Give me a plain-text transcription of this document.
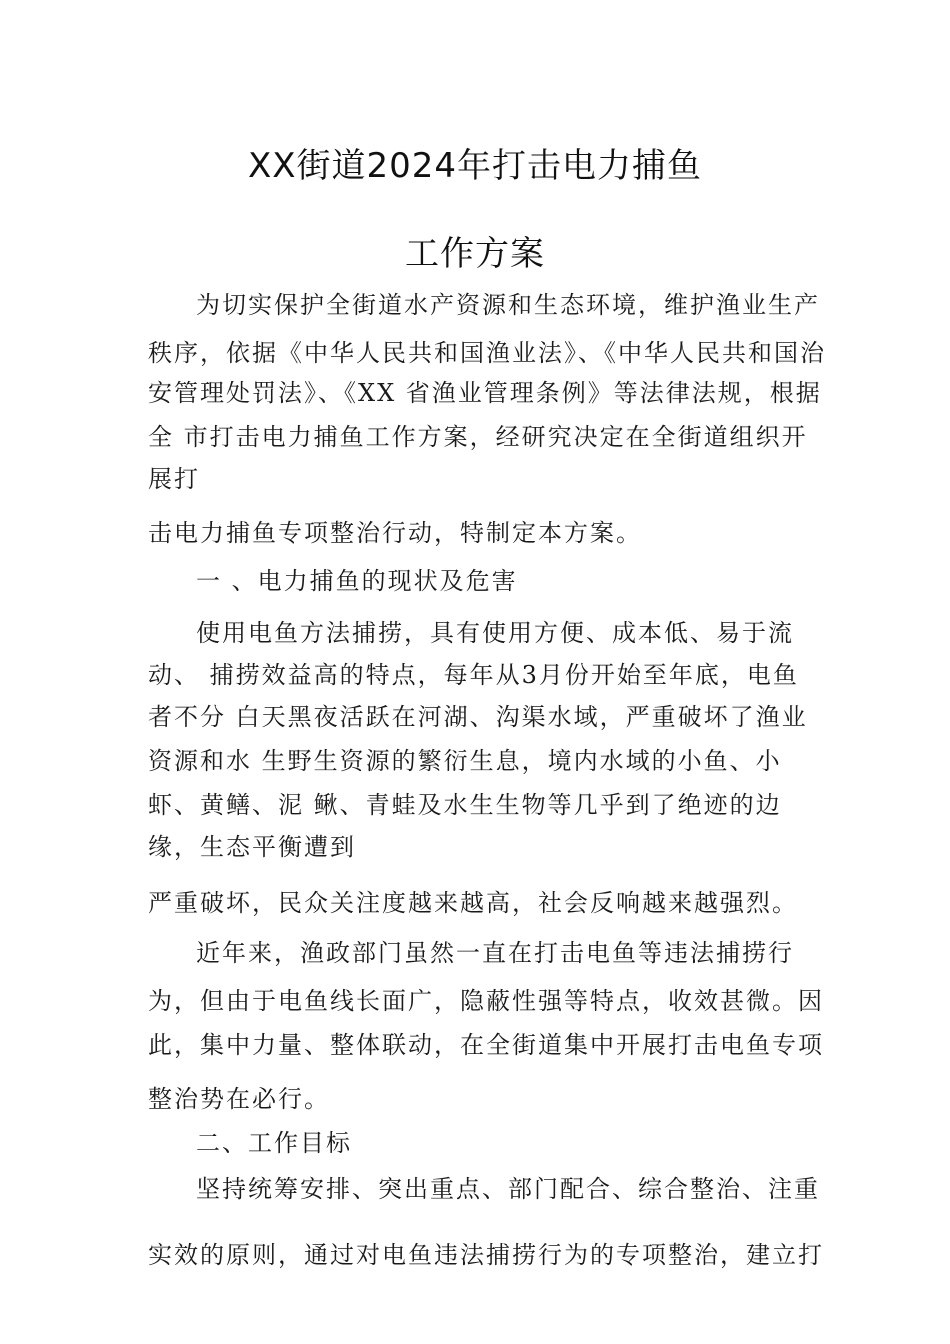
XX街道2024年打击电力捕鱼
工作方案
为切实保护全街道水产资源和生态环境，维护渔业生产
秩序，依据《中华人民共和国渔业法》、《中华人民共和国治
安管理处罚法》、《XX 省渔业管理条例》等法律法规，根据
全 市打击电力捕鱼工作方案，经研究决定在全街道组织开
展打
击电力捕鱼专项整治行动，特制定本方案。
一 、电力捕鱼的现状及危害
使用电鱼方法捕捞，具有使用方便、成本低、易于流
动、 捕捞效益高的特点，每年从3月份开始至年底，电鱼
者不分 白天黑夜活跃在河湖、沟渠水域，严重破坏了渔业
资源和水 生野生资源的繁衍生息，境内水域的小鱼、小
虾、黄鳝、泥 鳅、青蛙及水生生物等几乎到了绝迹的边
缘，生态平衡遭到
严重破坏，民众关注度越来越高，社会反响越来越强烈。
近年来，渔政部门虽然一直在打击电鱼等违法捕捞行
为，但由于电鱼线长面广，隐蔽性强等特点，收效甚微。因
此，集中力量、整体联动，在全街道集中开展打击电鱼专项
整治势在必行。
二、工作目标
坚持统筹安排、突出重点、部门配合、综合整治、注重
实效的原则，通过对电鱼违法捕捞行为的专项整治，建立打
